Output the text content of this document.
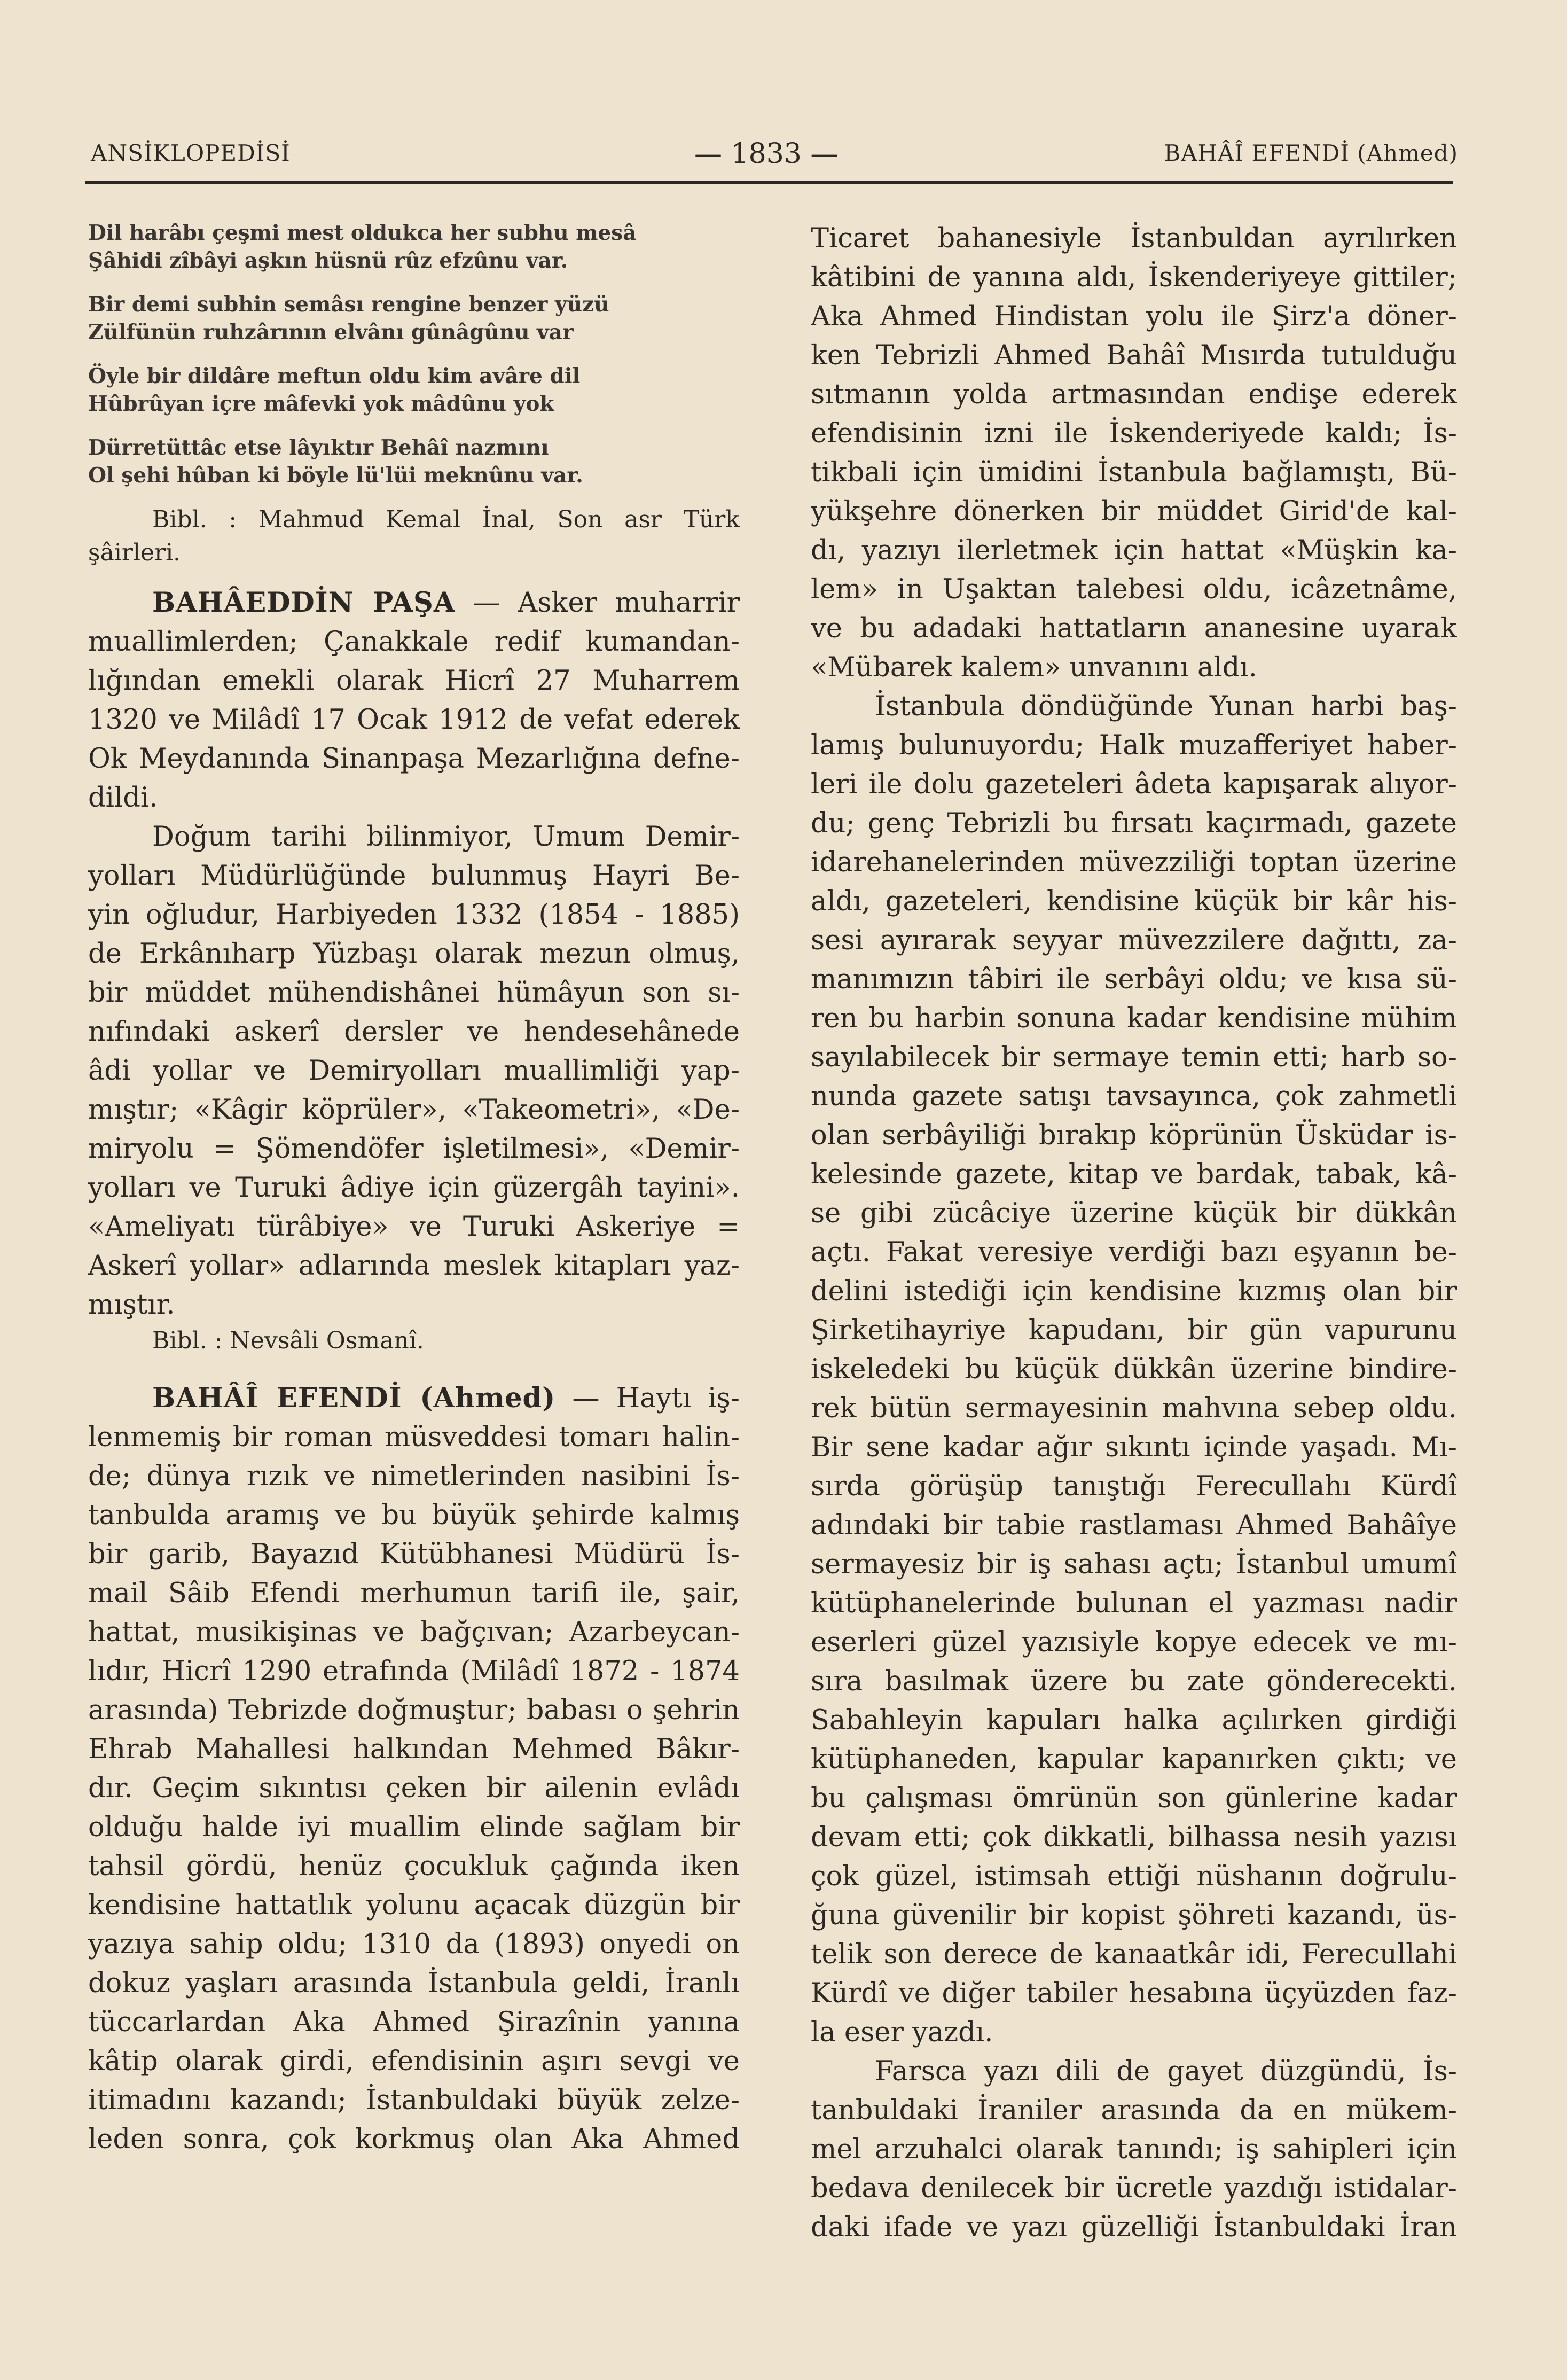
ANSİKLOPEDİSİ	— 1833 —	BAHÂÎ EFENDİ (Ahmed)
Dil harâbı çeşmi mest oldukca her subhu mesâ
Şâhidi zîbâyi aşkın hüsnü rûz efzûnu var.
Bir demi subhin semâsı rengine benzer yüzü
Zülfünün ruhzârının elvânı gûnâgûnu var
Öyle bir dildâre meftun oldu kim avâre dil
Hûbrûyan içre mâfevki yok mâdûnu yok
Dürretüttâc etse lâyıktır Behâî nazmını
Ol şehi hûban ki böyle lü'lüi meknûnu var.
Bibl. : Mahmud Kemal İnal, Son asr Türk
şâirleri.
BAHÂEDDİN PAŞA — Asker muharrir
muallimlerden; Çanakkale redif kumandan-
lığından emekli olarak Hicrî 27 Muharrem
1320 ve Milâdî 17 Ocak 1912 de vefat ederek
Ok Meydanında Sinanpaşa Mezarlığına defne-
dildi.
Doğum tarihi bilinmiyor, Umum Demir-
yolları Müdürlüğünde bulunmuş Hayri Be-
yin oğludur, Harbiyeden 1332 (1854 - 1885)
de Erkânıharp Yüzbaşı olarak mezun olmuş,
bir müddet mühendishânei hümâyun son sı-
nıfındaki askerî dersler ve hendesehânede
âdi yollar ve Demiryolları muallimliği yap-
mıştır; «Kâgir köprüler», «Takeometri», «De-
miryolu = Şömendöfer işletilmesi», «Demir-
yolları ve Turuki âdiye için güzergâh tayini».
«Ameliyatı türâbiye» ve Turuki Askeriye =
Askerî yollar» adlarında meslek kitapları yaz-
mıştır.
Bibl. : Nevsâli Osmanî.
BAHÂÎ EFENDİ (Ahmed) — Haytı iş-
lenmemiş bir roman müsveddesi tomarı halin-
de; dünya rızık ve nimetlerinden nasibini İs-
tanbulda aramış ve bu büyük şehirde kalmış
bir garib, Bayazıd Kütübhanesi Müdürü İs-
mail Sâib Efendi merhumun tarifi ile, şair,
hattat, musikişinas ve bağçıvan; Azarbeycan-
lıdır, Hicrî 1290 etrafında (Milâdî 1872 - 1874
arasında) Tebrizde doğmuştur; babası o şehrin
Ehrab Mahallesi halkından Mehmed Bâkır-
dır. Geçim sıkıntısı çeken bir ailenin evlâdı
olduğu halde iyi muallim elinde sağlam bir
tahsil gördü, henüz çocukluk çağında iken
kendisine hattatlık yolunu açacak düzgün bir
yazıya sahip oldu; 1310 da (1893) onyedi on
dokuz yaşları arasında İstanbula geldi, İranlı
tüccarlardan Aka Ahmed Şirazînin yanına
kâtip olarak girdi, efendisinin aşırı sevgi ve
itimadını kazandı; İstanbuldaki büyük zelze-
leden sonra, çok korkmuş olan Aka Ahmed
Ticaret bahanesiyle İstanbuldan ayrılırken
kâtibini de yanına aldı, İskenderiyeye gittiler;
Aka Ahmed Hindistan yolu ile Şirz'a döner-
ken Tebrizli Ahmed Bahâî Mısırda tutulduğu
sıtmanın yolda artmasından endişe ederek
efendisinin izni ile İskenderiyede kaldı; İs-
tikbali için ümidini İstanbula bağlamıştı, Bü-
yükşehre dönerken bir müddet Girid'de kal-
dı, yazıyı ilerletmek için hattat «Müşkin ka-
lem» in Uşaktan talebesi oldu, icâzetnâme,
ve bu adadaki hattatların ananesine uyarak
«Mübarek kalem» unvanını aldı.
İstanbula döndüğünde Yunan harbi baş-
lamış bulunuyordu; Halk muzafferiyet haber-
leri ile dolu gazeteleri âdeta kapışarak alıyor-
du; genç Tebrizli bu fırsatı kaçırmadı, gazete
idarehanelerinden müvezziliği toptan üzerine
aldı, gazeteleri, kendisine küçük bir kâr his-
sesi ayırarak seyyar müvezzilere dağıttı, za-
manımızın tâbiri ile serbâyi oldu; ve kısa sü-
ren bu harbin sonuna kadar kendisine mühim
sayılabilecek bir sermaye temin etti; harb so-
nunda gazete satışı tavsayınca, çok zahmetli
olan serbâyiliği bırakıp köprünün Üsküdar is-
kelesinde gazete, kitap ve bardak, tabak, kâ-
se gibi zücâciye üzerine küçük bir dükkân
açtı. Fakat veresiye verdiği bazı eşyanın be-
delini istediği için kendisine kızmış olan bir
Şirketihayriye kapudanı, bir gün vapurunu
iskeledeki bu küçük dükkân üzerine bindire-
rek bütün sermayesinin mahvına sebep oldu.
Bir sene kadar ağır sıkıntı içinde yaşadı. Mı-
sırda görüşüp tanıştığı Ferecullahı Kürdî
adındaki bir tabie rastlaması Ahmed Bahâîye
sermayesiz bir iş sahası açtı; İstanbul umumî
kütüphanelerinde bulunan el yazması nadir
eserleri güzel yazısiyle kopye edecek ve mı-
sıra basılmak üzere bu zate gönderecekti.
Sabahleyin kapuları halka açılırken girdiği
kütüphaneden, kapular kapanırken çıktı; ve
bu çalışması ömrünün son günlerine kadar
devam etti; çok dikkatli, bilhassa nesih yazısı
çok güzel, istimsah ettiği nüshanın doğrulu-
ğuna güvenilir bir kopist şöhreti kazandı, üs-
telik son derece de kanaatkâr idi, Ferecullahi
Kürdî ve diğer tabiler hesabına üçyüzden faz-
la eser yazdı.
Farsca yazı dili de gayet düzgündü, İs-
tanbuldaki İraniler arasında da en mükem-
mel arzuhalci olarak tanındı; iş sahipleri için
bedava denilecek bir ücretle yazdığı istidalar-
daki ifade ve yazı güzelliği İstanbuldaki İran
